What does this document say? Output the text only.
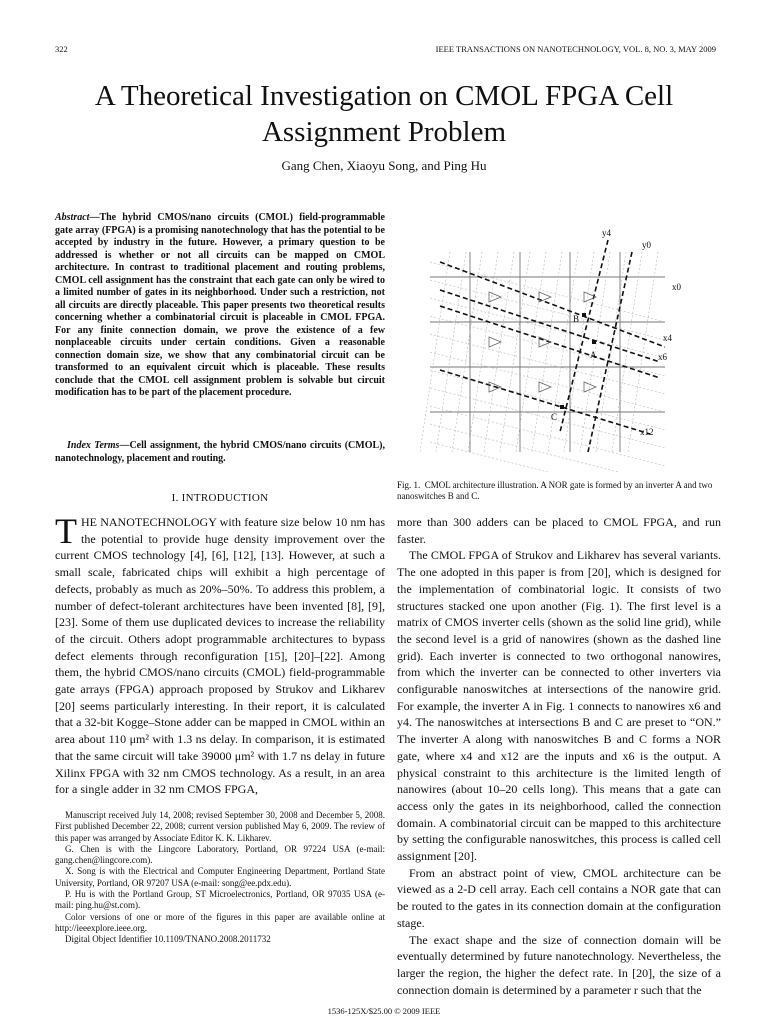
322	IEEE TRANSACTIONS ON NANOTECHNOLOGY, VOL. 8, NO. 3, MAY 2009
A Theoretical Investigation on CMOL FPGA Cell
Assignment Problem
Gang Chen, Xiaoyu Song, and Ping Hu
Abstract—The hybrid CMOS/nano circuits (CMOL) field-programmable gate array (FPGA) is a promising nanotechnology that has the potential to be accepted by industry in the future. However, a primary question to be addressed is whether or not all circuits can be mapped on CMOL architecture. In contrast to traditional placement and routing problems, CMOL cell assignment has the constraint that each gate can only be wired to a limited number of gates in its neighborhood. Under such a restriction, not all circuits are directly placeable. This paper presents two theoretical results concerning whether a combinatorial circuit is placeable in CMOL FPGA. For any finite connection domain, we prove the existence of a few nonplaceable circuits under certain conditions. Given a reasonable connection domain size, we show that any combinatorial circuit can be transformed to an equivalent circuit which is placeable. These results conclude that the CMOL cell assignment problem is solvable but circuit modification has to be part of the placement procedure.
Index Terms—Cell assignment, the hybrid CMOS/nano circuits (CMOL), nanotechnology, placement and routing.
y4
y0
x0
x4
x6
x12
A
B
C
Fig. 1. CMOL architecture illustration. A NOR gate is formed by an inverter A and two nanoswitches B and C.
I. INTRODUCTION

THE NANOTECHNOLOGY with feature size below 10 nm has the potential to provide huge density improvement over the current CMOS technology [4], [6], [12], [13]. However, at such a small scale, fabricated chips will exhibit a high percentage of defects, probably as much as 20%–50%. To address this problem, a number of defect-tolerant architectures have been invented [8], [9], [23]. Some of them use duplicated devices to increase the reliability of the circuit. Others adopt programmable architectures to bypass defect elements through reconfiguration [15], [20]–[22]. Among them, the hybrid CMOS/nano circuits (CMOL) field-programmable gate arrays (FPGA) approach proposed by Strukov and Likharev [20] seems particularly interesting. In their report, it is calculated that a 32-bit Kogge–Stone adder can be mapped in CMOL within an area about 110 μm² with 1.3 ns delay. In comparison, it is estimated that the same circuit will take 39000 μm² with 1.7 ns delay in future Xilinx FPGA with 32 nm CMOS technology. As a result, in an area for a single adder in 32 nm CMOS FPGA,

Manuscript received July 14, 2008; revised September 30, 2008 and December 5, 2008. First published December 22, 2008; current version published May 6, 2009. The review of this paper was arranged by Associate Editor K. K. Likharev.

G. Chen is with the Lingcore Laboratory, Portland, OR 97224 USA (e-mail: gang.chen@lingcore.com).

X. Song is with the Electrical and Computer Engineering Department, Portland State University, Portland, OR 97207 USA (e-mail: song@ee.pdx.edu).

P. Hu is with the Portland Group, ST Microelectronics, Portland, OR 97035 USA (e-mail: ping.hu@st.com).

Color versions of one or more of the figures in this paper are available online at http://ieeexplore.ieee.org.

Digital Object Identifier 10.1109/TNANO.2008.2011732

more than 300 adders can be placed to CMOL FPGA, and run faster.

The CMOL FPGA of Strukov and Likharev has several variants. The one adopted in this paper is from [20], which is designed for the implementation of combinatorial logic. It consists of two structures stacked one upon another (Fig. 1). The first level is a matrix of CMOS inverter cells (shown as the solid line grid), while the second level is a grid of nanowires (shown as the dashed line grid). Each inverter is connected to two orthogonal nanowires, from which the inverter can be connected to other inverters via configurable nanoswitches at intersections of the nanowire grid. For example, the inverter A in Fig. 1 connects to nanowires x6 and y4. The nanoswitches at intersections B and C are preset to “ON.” The inverter A along with nanoswitches B and C forms a NOR gate, where x4 and x12 are the inputs and x6 is the output. A physical constraint to this architecture is the limited length of nanowires (about 10–20 cells long). This means that a gate can access only the gates in its neighborhood, called the connection domain. A combinatorial circuit can be mapped to this architecture by setting the configurable nanoswitches, this process is called cell assignment [20].

From an abstract point of view, CMOL architecture can be viewed as a 2-D cell array. Each cell contains a NOR gate that can be routed to the gates in its connection domain at the configuration stage.

The exact shape and the size of connection domain will be eventually determined by future nanotechnology. Nevertheless, the larger the region, the higher the defect rate. In [20], the size of a connection domain is determined by a parameter r such that the

1536-125X/$25.00 © 2009 IEEE
